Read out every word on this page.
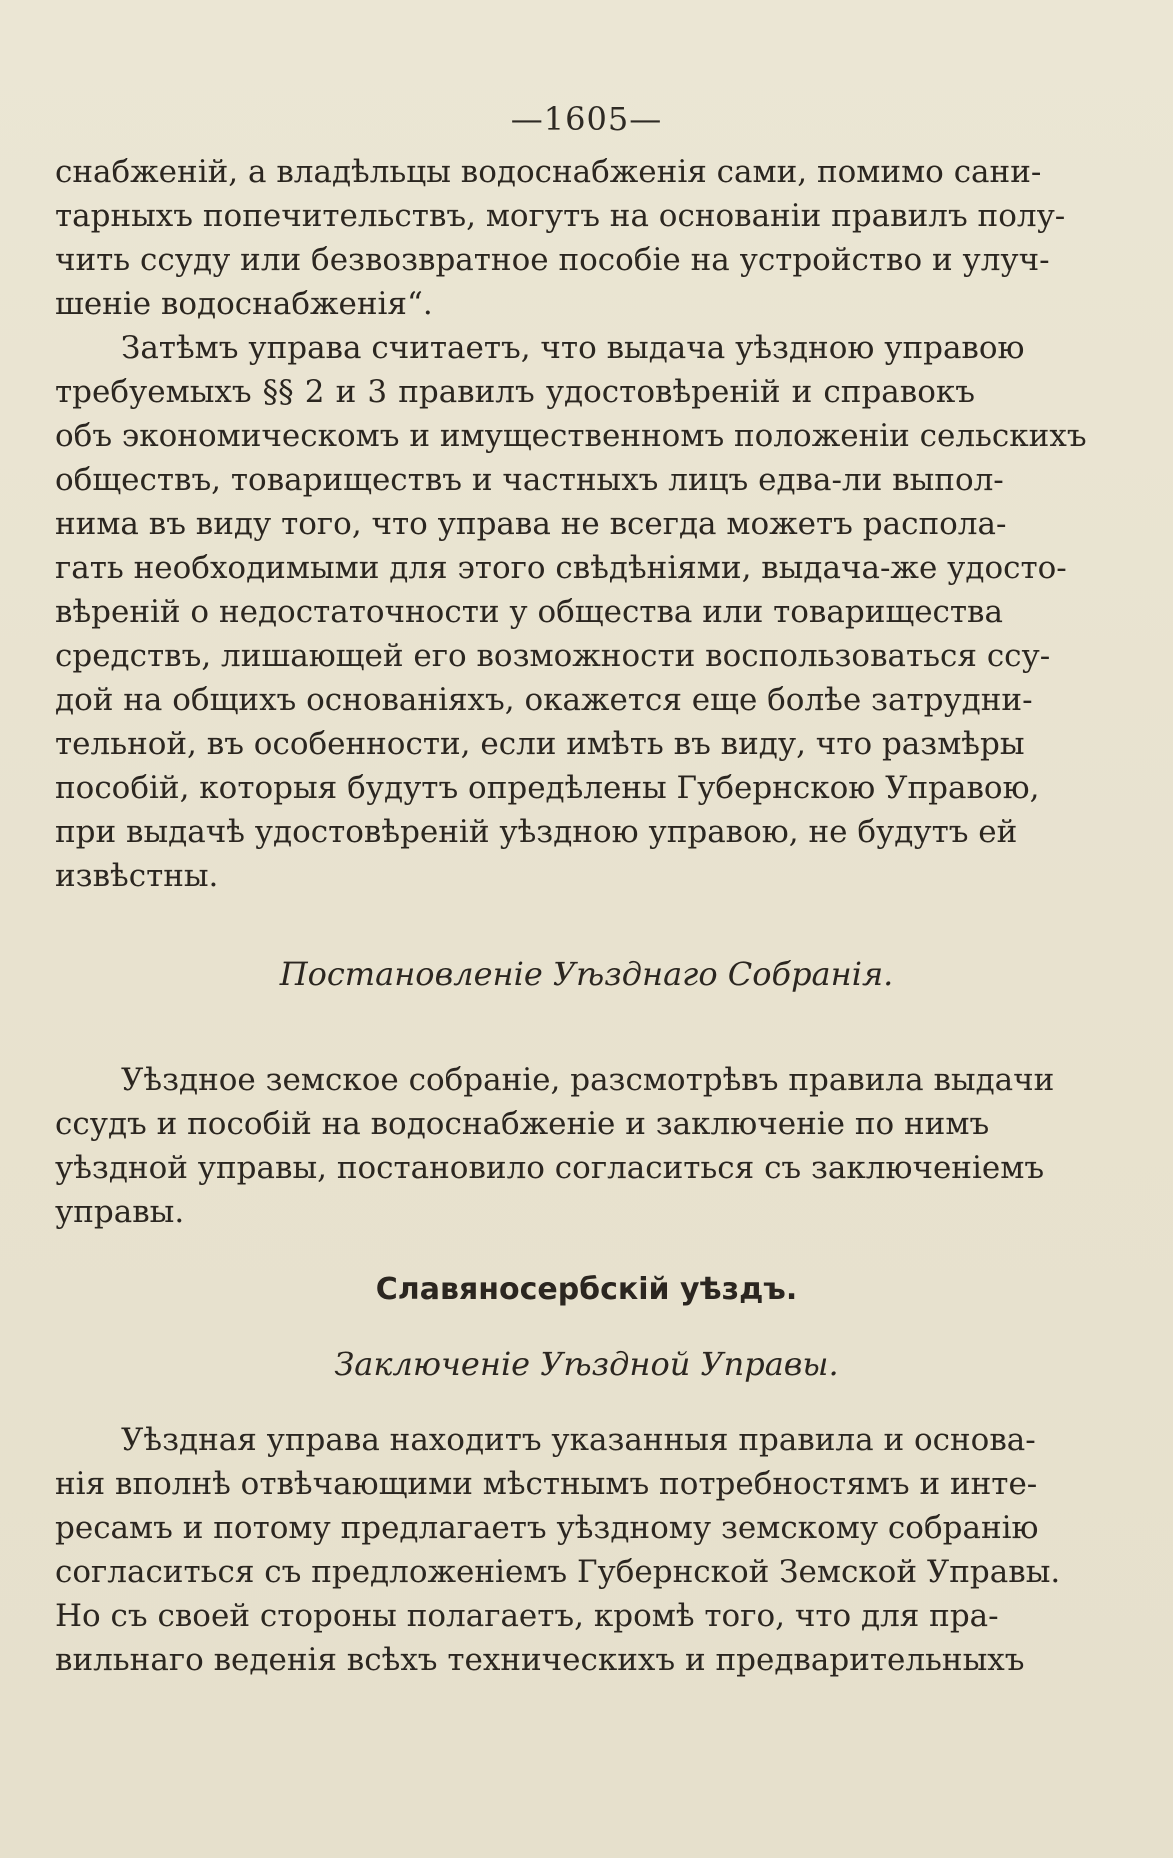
—1605—
снабженій, а владѣльцы водоснабженія сами, помимо сани-
тарныхъ попечительствъ, могутъ на основаніи правилъ полу-
чить ссуду или безвозвратное пособіе на устройство и улуч-
шеніе водоснабженія“.
Затѣмъ управа считаетъ, что выдача уѣздною управою
требуемыхъ §§ 2 и 3 правилъ удостовѣреній и справокъ
объ экономическомъ и имущественномъ положеніи сельскихъ
обществъ, товариществъ и частныхъ лицъ едва-ли выпол-
нима въ виду того, что управа не всегда можетъ распола-
гать необходимыми для этого свѣдѣніями, выдача-же удосто-
вѣреній о недостаточности у общества или товарищества
средствъ, лишающей его возможности воспользоваться ссу-
дой на общихъ основаніяхъ, окажется еще болѣе затрудни-
тельной, въ особенности, если имѣть въ виду, что размѣры
пособій, которыя будутъ опредѣлены Губернскою Управою,
при выдачѣ удостовѣреній уѣздною управою, не будутъ ей
извѣстны.
Постановленіе Уѣзднаго Собранія.
Уѣздное земское собраніе, разсмотрѣвъ правила выдачи
ссудъ и пособій на водоснабженіе и заключеніе по нимъ
уѣздной управы, постановило согласиться съ заключеніемъ
управы.
Славяносербскій уѣздъ.
Заключеніе Уѣздной Управы.
Уѣздная управа находитъ указанныя правила и основа-
нія вполнѣ отвѣчающими мѣстнымъ потребностямъ и инте-
ресамъ и потому предлагаетъ уѣздному земскому собранію
согласиться съ предложеніемъ Губернской Земской Управы.
Но съ своей стороны полагаетъ, кромѣ того, что для пра-
вильнаго веденія всѣхъ техническихъ и предварительныхъ
